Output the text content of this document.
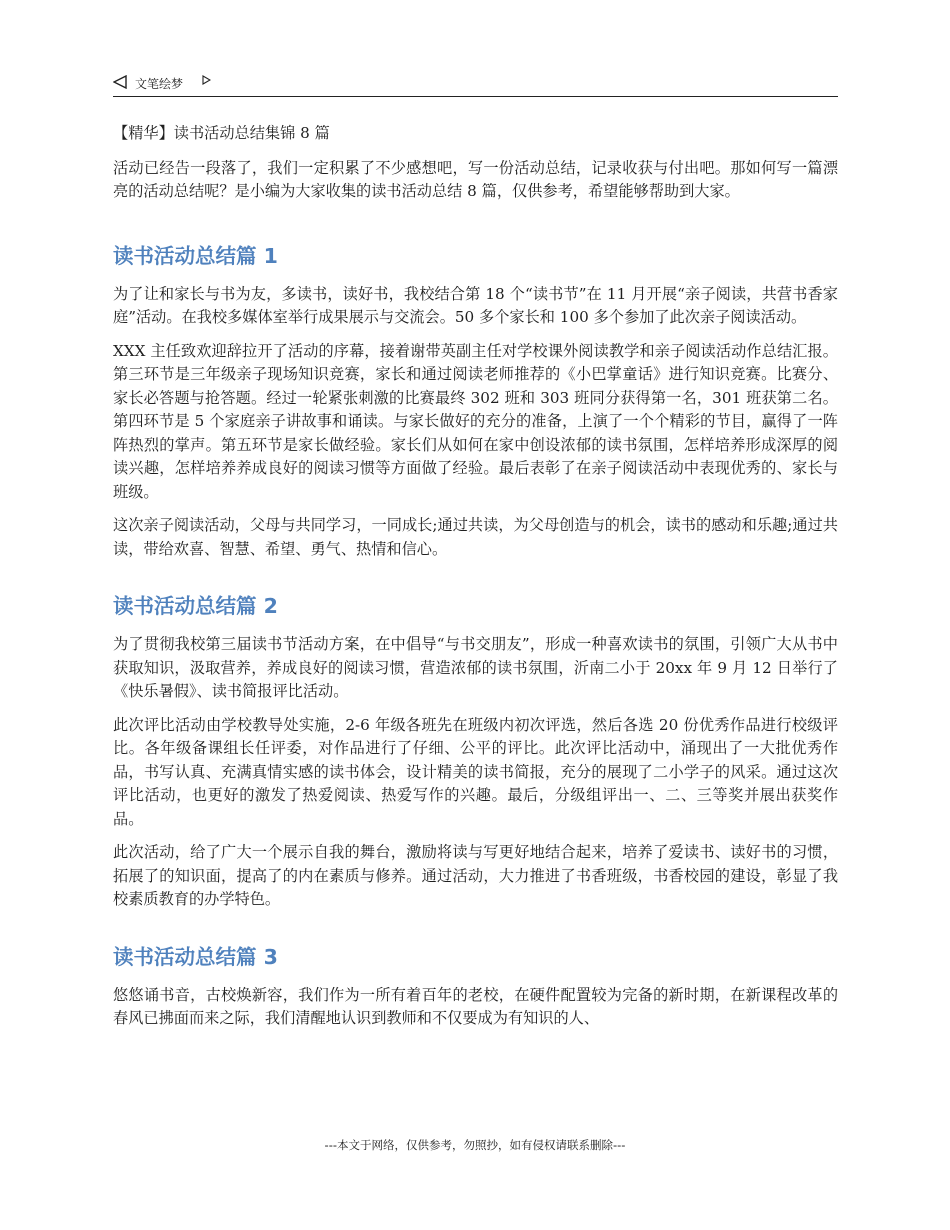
文笔绘梦

【精华】读书活动总结集锦 8 篇

活动已经告一段落了，我们一定积累了不少感想吧，写一份活动总结，记录收获与付出吧。那如何写一篇漂亮的活动总结呢？是小编为大家收集的读书活动总结 8 篇，仅供参考，希望能够帮助到大家。

读书活动总结篇 1

为了让和家长与书为友，多读书，读好书，我校结合第 18 个“读书节”在 11 月开展“亲子阅读，共营书香家庭”活动。在我校多媒体室举行成果展示与交流会。50 多个家长和 100 多个参加了此次亲子阅读活动。

XXX 主任致欢迎辞拉开了活动的序幕，接着谢带英副主任对学校课外阅读教学和亲子阅读活动作总结汇报。第三环节是三年级亲子现场知识竞赛，家长和通过阅读老师推荐的《小巴掌童话》进行知识竞赛。比赛分、家长必答题与抢答题。经过一轮紧张刺激的比赛最终 302 班和 303 班同分获得第一名，301 班获第二名。第四环节是 5 个家庭亲子讲故事和诵读。与家长做好的充分的准备，上演了一个个精彩的节目，赢得了一阵阵热烈的掌声。第五环节是家长做经验。家长们从如何在家中创设浓郁的读书氛围，怎样培养形成深厚的阅读兴趣，怎样培养养成良好的阅读习惯等方面做了经验。最后表彰了在亲子阅读活动中表现优秀的、家长与班级。

这次亲子阅读活动，父母与共同学习，一同成长;通过共读，为父母创造与的机会，读书的感动和乐趣;通过共读，带给欢喜、智慧、希望、勇气、热情和信心。

读书活动总结篇 2

为了贯彻我校第三届读书节活动方案，在中倡导“与书交朋友”，形成一种喜欢读书的氛围，引领广大从书中获取知识，汲取营养，养成良好的阅读习惯，营造浓郁的读书氛围，沂南二小于 20xx 年 9 月 12 日举行了《快乐暑假》、读书简报评比活动。

此次评比活动由学校教导处实施，2-6 年级各班先在班级内初次评选，然后各选 20 份优秀作品进行校级评比。各年级备课组长任评委，对作品进行了仔细、公平的评比。此次评比活动中，涌现出了一大批优秀作品，书写认真、充满真情实感的读书体会，设计精美的读书简报，充分的展现了二小学子的风采。通过这次评比活动，也更好的激发了热爱阅读、热爱写作的兴趣。最后，分级组评出一、二、三等奖并展出获奖作品。

此次活动，给了广大一个展示自我的舞台，激励将读与写更好地结合起来，培养了爱读书、读好书的习惯，拓展了的知识面，提高了的内在素质与修养。通过活动，大力推进了书香班级，书香校园的建设，彰显了我校素质教育的办学特色。

读书活动总结篇 3

悠悠诵书音，古校焕新容，我们作为一所有着百年的老校，在硬件配置较为完备的新时期，在新课程改革的春风已拂面而来之际，我们清醒地认识到教师和不仅要成为有知识的人、

---本文于网络，仅供参考，勿照抄，如有侵权请联系删除---
